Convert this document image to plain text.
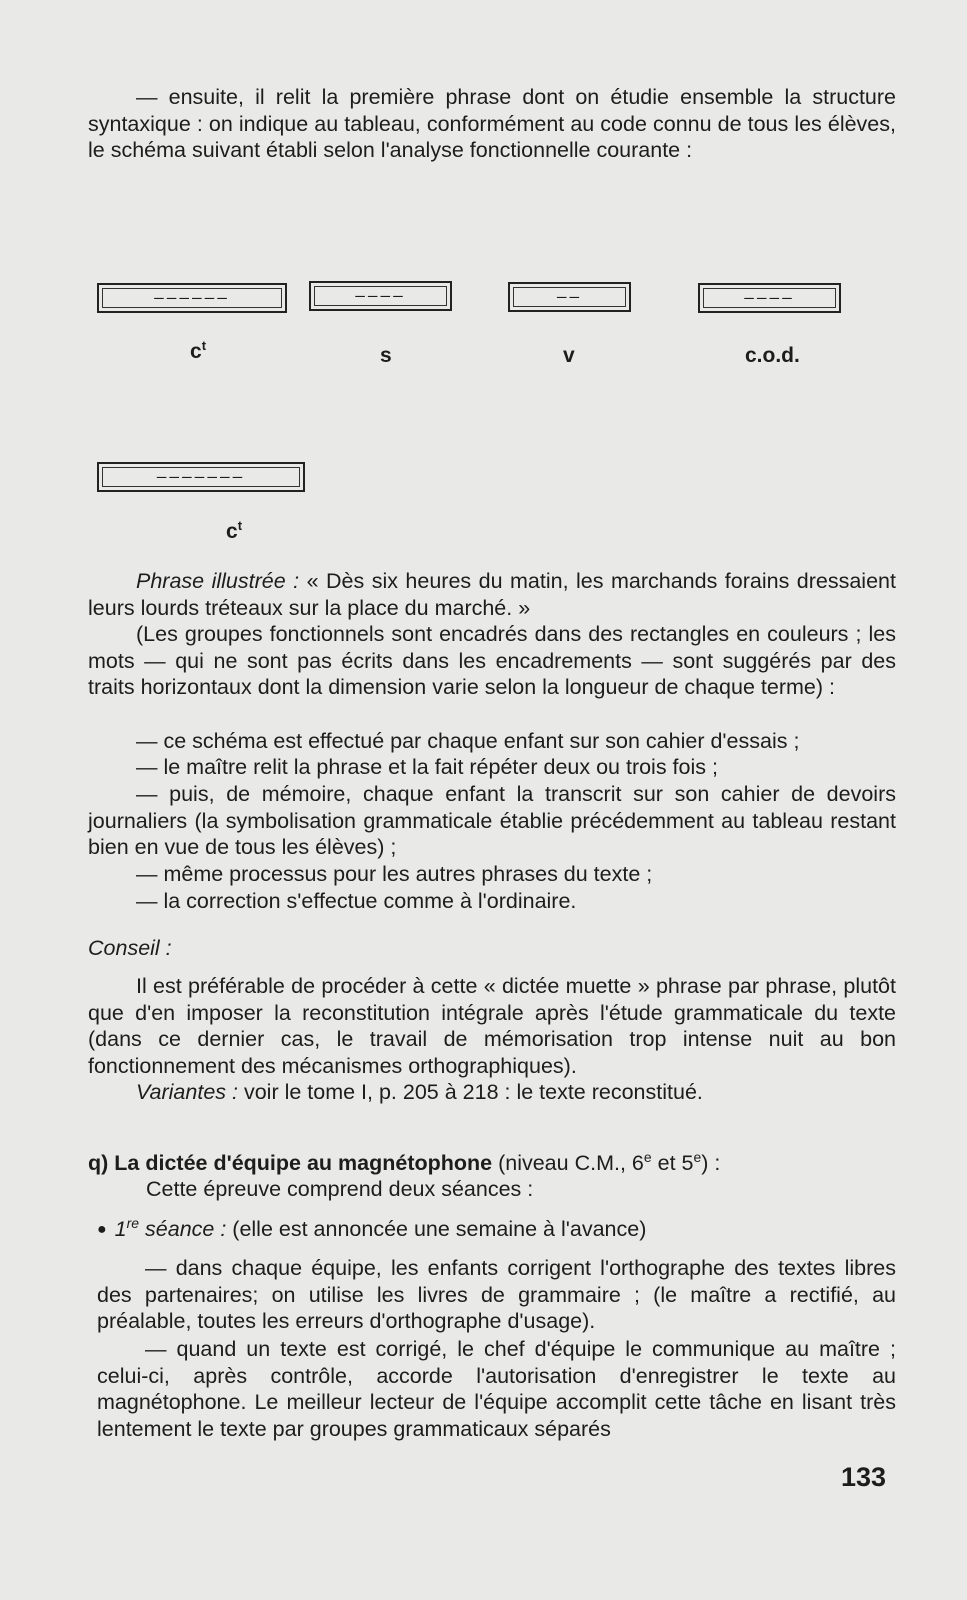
— ensuite, il relit la première phrase dont on étudie ensemble la structure syntaxique : on indique au tableau, conformément au code connu de tous les élèves, le schéma suivant établi selon l'analyse fonctionnelle courante :

——————	————	——	————
———————
$c^t$	s	v	c.o.d.
$c^t$

Phrase illustrée : « Dès six heures du matin, les marchands forains dressaient leurs lourds tréteaux sur la place du marché. »

(Les groupes fonctionnels sont encadrés dans des rectangles en couleurs ; les mots — qui ne sont pas écrits dans les encadrements — sont suggérés par des traits horizontaux dont la dimension varie selon la longueur de chaque terme) :

— ce schéma est effectué par chaque enfant sur son cahier d'essais ;

— le maître relit la phrase et la fait répéter deux ou trois fois ;

— puis, de mémoire, chaque enfant la transcrit sur son cahier de devoirs journaliers (la symbolisation grammaticale établie précédemment au tableau restant bien en vue de tous les élèves) ;

— même processus pour les autres phrases du texte ;

— la correction s'effectue comme à l'ordinaire.

Conseil :

Il est préférable de procéder à cette « dictée muette » phrase par phrase, plutôt que d'en imposer la reconstitution intégrale après l'étude grammaticale du texte (dans ce dernier cas, le travail de mémorisation trop intense nuit au bon fonctionnement des mécanismes orthographiques).

Variantes : voir le tome I, p. 205 à 218 : le texte reconstitué.

q) La dictée d'équipe au magnétophone (niveau C.M., 6e et 5e) :

Cette épreuve comprend deux séances :

● 1re séance : (elle est annoncée une semaine à l'avance)

— dans chaque équipe, les enfants corrigent l'orthographe des textes libres des partenaires; on utilise les livres de grammaire ; (le maître a rectifié, au préalable, toutes les erreurs d'orthographe d'usage).

— quand un texte est corrigé, le chef d'équipe le communique au maître ; celui-ci, après contrôle, accorde l'autorisation d'enregistrer le texte au magnétophone. Le meilleur lecteur de l'équipe accomplit cette tâche en lisant très lentement le texte par groupes grammaticaux séparés

133
